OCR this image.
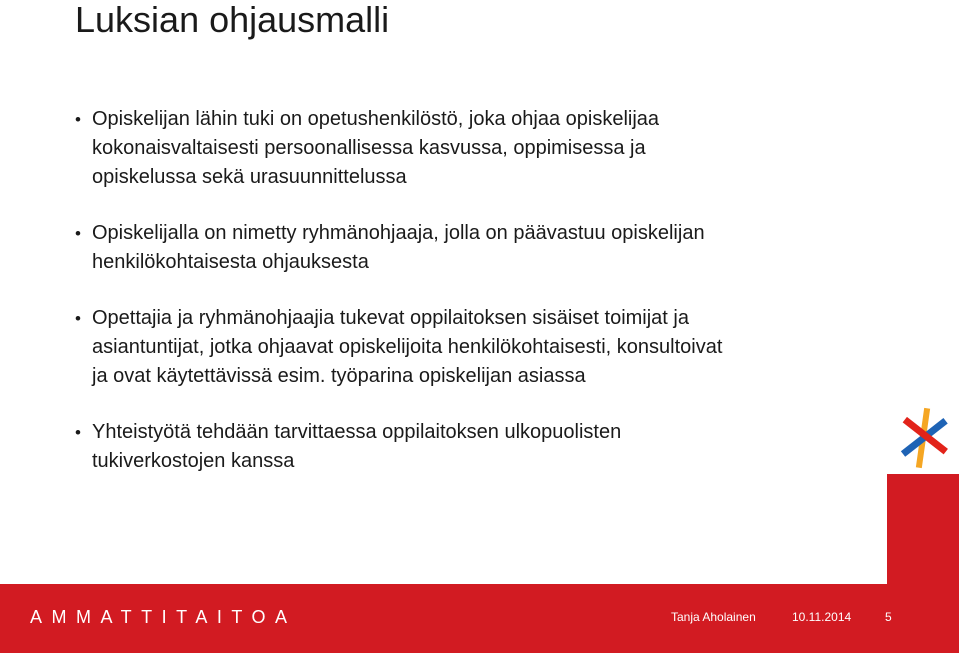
Luksian ohjausmalli
• Opiskelijan lähin tuki on opetushenkilöstö, joka ohjaa opiskelijaa
kokonaisvaltaisesti persoonallisessa kasvussa, oppimisessa ja
opiskelussa sekä urasuunnittelussa
• Opiskelijalla on nimetty ryhmänohjaaja, jolla on päävastuu opiskelijan
henkilökohtaisesta ohjauksesta
• Opettajia ja ryhmänohjaajia tukevat oppilaitoksen sisäiset toimijat ja
asiantuntijat, jotka ohjaavat opiskelijoita henkilökohtaisesti, konsultoivat
ja ovat käytettävissä esim. työparina opiskelijan asiassa
• Yhteistyötä tehdään tarvittaessa oppilaitoksen ulkopuolisten
tukiverkostojen kanssa
AMMATTITAITOA	Tanja Aholainen	10.11.2014	5
